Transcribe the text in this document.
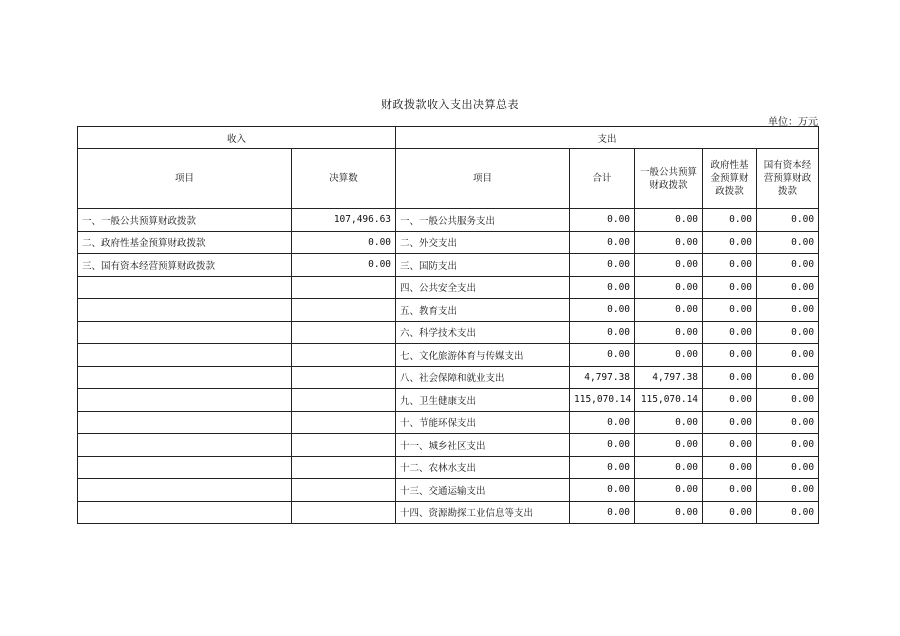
财政拨款收入支出决算总表
单位：万元
收入		支出				
项目	决算数	项目	合计	一般公共预算财政拨款	政府性基金预算财政拨款	国有资本经营预算财政拨款
一、一般公共预算财政拨款	107,496.63	一、一般公共服务支出	0.00	0.00	0.00	0.00
二、政府性基金预算财政拨款	0.00	二、外交支出	0.00	0.00	0.00	0.00
三、国有资本经营预算财政拨款	0.00	三、国防支出	0.00	0.00	0.00	0.00
		四、公共安全支出	0.00	0.00	0.00	0.00
		五、教育支出	0.00	0.00	0.00	0.00
		六、科学技术支出	0.00	0.00	0.00	0.00
		七、文化旅游体育与传媒支出	0.00	0.00	0.00	0.00
		八、社会保障和就业支出	4,797.38	4,797.38	0.00	0.00
		九、卫生健康支出	115,070.14	115,070.14	0.00	0.00
		十、节能环保支出	0.00	0.00	0.00	0.00
		十一、城乡社区支出	0.00	0.00	0.00	0.00
		十二、农林水支出	0.00	0.00	0.00	0.00
		十三、交通运输支出	0.00	0.00	0.00	0.00
		十四、资源勘探工业信息等支出	0.00	0.00	0.00	0.00
